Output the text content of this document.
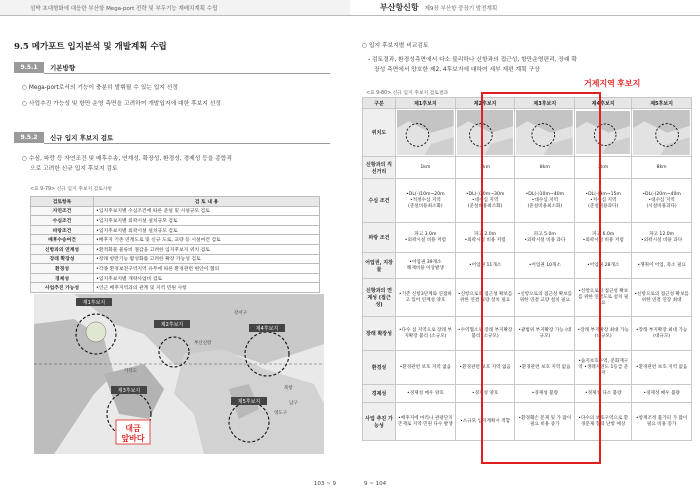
섬박 초대형화에 대응한 부산항 Mega-port 전략 및 부두기능 재배치계획 수립
9.5 메가포트 입지분석 및 개발계획 수립
9.5.1	기본방향
○ Mega-port로서의 기능이 충분히 발휘될 수 있는 입지 선정
○ 사업추진 가능성 및 항만 운영 측면을 고려하여 개발입지에 대한 후보지 선정
9.5.2	신규 입지 후보지 검토
○ 수심, 파랑 등 자연조건 및 배후수송, 연계성, 확장성, 환경성, 경제성 등을 종합적
으로 고려한 신규 입지 후보지 검토
<표 9-79> 신규 입지 후보지 검토사항
검토항목	검 토 내 용
자연조건	•입지후보지별 수심조건에 따른 준설 및 시설규모 검토
수심조건	•입지후보지별 외곽시설 설치규모 검토
파랑조건	•입지후보지별 외곽시설 설치규모 검토
배후수송여건	•배후지 기존 연계도로 및 신규 도로, 교량 등 시설여건 검토
신항과의 연계성	•환적화물 물류비 절감을 고려한 입지후보지 위치 검토
장래 확장성	•장래 항만기능 활성화를 고려한 확장 가능성 검토
환경성	•각종 환경보전구역지역 유무에 따른 환경관련 현안이 협의
경제성	•입지후보지별 개략사업비 검토
사업추진 가능성	•인근 배후지역과의 관계 및 지역 민원 사항
제1후보지
제2후보지
제3후보지
제4후보지
제5후보지
부산신항
강서구
가덕도
북항
남구
영도구
대금
앞바다
103 ~ 9
부산항신항 제9장 부산항 중장기 발전계획
○ 입지 후보지별 비교검토
- 검토결과, 환경성측면에서 다소 불리하나 신항과의 접근성, 항만운영편리, 장래 확
장성 측면에서 양호한 제2, 4후보지에 대하여 세부 재편 계획 구상
<표 9-80> 신규 입지 후보지 검토결과
구분	제1후보지	제2후보지	제3후보지	제4후보지	제5후보지
위치도	

신항과의 직선거리	1km	3km	8km	2km	8km
수심 조건	•DL(-)10m~20m
•적정수심 지역
(준설비용최소화)	•DL(-)10m~30m
•대수심 지역
(준설비용최소화)	•DL(-)10m~40m
•대수심 지역
(준설비용최소화)	•DL(-)3m~15m
•저수심 지역
(준설비용과다)	•DL(-)20m~40m
•대수심 지역
(시설비용과다)
파랑 조건	파고 3.0m
•외곽시설 비용 저렴	파고 2.0m
•외곽시설 비용 저렴	파고 5.0m
•외곽시설 비용 과다	파고 6.0m
•외곽시설 비용 저렴	파고 12.0m
•외곽시설 비용 과다
어업권, 지장물	•어업권 39개소
해제비용 이상발생	•어업권 11개소	•어업권 10개소	•어업권 28개소	•쟁취이 어업, 축소 필요
신항과의 연계성 (접근성)	•기존 신항3단계와 연접하고 있어 연계성 양호	•신항으로의 접근성 확보를 위한 연결 교량 설치 필요	•신항으로의 접근성 확보를 위한 연결 교량 설치 필요	•신항으로의 접근성 확보를 위한 연결도로 설치 필요	•신항으로의 접근성 확보를 위한 연결 연장 최대
장래 확장성	•다수 섬 지역으로 장래 부지확장 불리 (소규모)	•수역협소로 장래 부지확장 불리 (소규모)	•광범위 부지확장 가능 (대규모)	•장래 부지확장 최대 가능 (대규모)	•장래 부지확장 최대 가능 (대규모)
환경성	•환경관련 보호 지역 없음	•환경관련 보호 지역 없음	•환경관련 보호 지역 없음	•습지보호구역, 문화재구역 •생태자연도 1등급 준저	•환경관련 보호 지역 없음
경제성	•경제성 매우 양호	•경제성 양호	•경제성 불량	•경제성 다소 불량	•경제성 매우 불량
사업 추진 가능성	•배후지에 마리나 관광단지 존재로 지역 민원 다수 발생	•소규모 입지계획시 적합	•환경훼손 문제 및 가 많이 필요 비용 증가	•다수의 보호구역으로 환경문제 협의 난항 예상	•항계조정 불가피 가 많이 필요 비용 증가
거제지역 후보지
9 ~ 104
